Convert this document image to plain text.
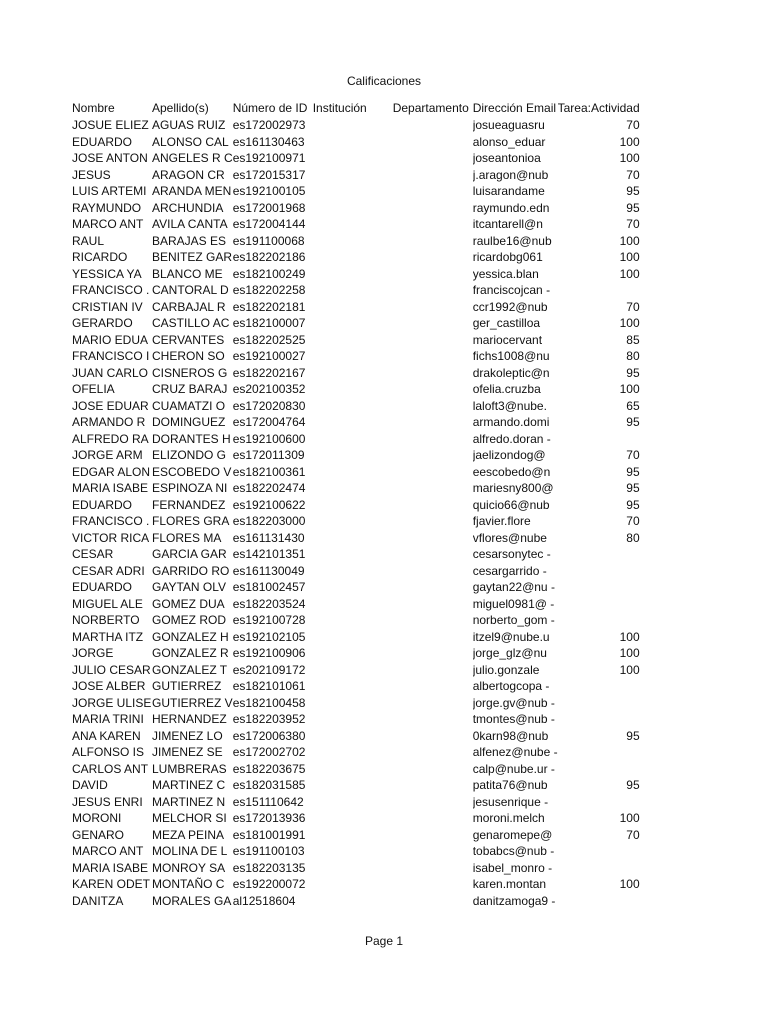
Calificaciones
Nombre	Apellido(s)	Número de ID	Institución	Departamento	Dirección Email	Tarea:Actividad
JOSUE ELIEZ	AGUAS RUIZ	es172002973			josueaguasru	70
EDUARDO	ALONSO CAL	es161130463			alonso_eduar	100
JOSE ANTON	ANGELES R C	es192100971			joseantonioa	100
JESUS	ARAGON CR	es172015317			j.aragon@nub	70
LUIS ARTEMI	ARANDA MEN	es192100105			luisarandame	95
RAYMUNDO	ARCHUNDIA	es172001968			raymundo.edn	95
MARCO ANT	AVILA CANTA	es172004144			itcantarell@n	70
RAUL	BARAJAS ES	es191100068			raulbe16@nub	100
RICARDO	BENITEZ GAR	es182202186			ricardobg061	100
YESSICA YA	BLANCO ME	es182100249			yessica.blan	100
FRANCISCO .	CANTORAL D	es182202258			franciscojcan -	
CRISTIAN IV	CARBAJAL R	es182202181			ccr1992@nub	70
GERARDO	CASTILLO AC	es182100007			ger_castilloa	100
MARIO EDUA	CERVANTES	es182202525			mariocervant	85
FRANCISCO I	CHERON SO	es192100027			fichs1008@nu	80
JUAN CARLO	CISNEROS G	es182202167			drakoleptic@n	95
OFELIA	CRUZ BARAJ	es202100352			ofelia.cruzba	100
JOSE EDUAR	CUAMATZI O	es172020830			laloft3@nube.	65
ARMANDO R	DOMINGUEZ	es172004764			armando.domi	95
ALFREDO RA	DORANTES H	es192100600			alfredo.doran -	
JORGE ARM	ELIZONDO G	es172011309			jaelizondog@	70
EDGAR ALON	ESCOBEDO V	es182100361			eescobedo@n	95
MARIA ISABE	ESPINOZA NI	es182202474			mariesny800@	95
EDUARDO	FERNANDEZ	es192100622			quicio66@nub	95
FRANCISCO .	FLORES GRA	es182203000			fjavier.flore	70
VICTOR RICA	FLORES MA	es161131430			vflores@nube	80
CESAR	GARCIA GAR	es142101351			cesarsonytec -	
CESAR ADRI	GARRIDO RO	es161130049			cesargarrido -	
EDUARDO	GAYTAN OLV	es181002457			gaytan22@nu -	
MIGUEL ALE	GOMEZ DUA	es182203524			miguel0981@ -	
NORBERTO	GOMEZ ROD	es192100728			norberto_gom -	
MARTHA ITZ	GONZALEZ H	es192102105			itzel9@nube.u	100
JORGE	GONZALEZ R	es192100906			jorge_glz@nu	100
JULIO CESAR	GONZALEZ T	es202109172			julio.gonzale	100
JOSE ALBER	GUTIERREZ	es182101061			albertogcopa -	
JORGE ULISE	GUTIERREZ V	es182100458			jorge.gv@nub -	
MARIA TRINI	HERNANDEZ	es182203952			tmontes@nub -	
ANA KAREN	JIMENEZ LO	es172006380			0karn98@nub	95
ALFONSO IS	JIMENEZ SE	es172002702			alfenez@nube -	
CARLOS ANT	LUMBRERAS	es182203675			calp@nube.ur -	
DAVID	MARTINEZ C	es182031585			patita76@nub	95
JESUS ENRI	MARTINEZ N	es151110642			jesusenrique -	
MORONI	MELCHOR SI	es172013936			moroni.melch	100
GENARO	MEZA PEINA	es181001991			genaromepe@	70
MARCO ANT	MOLINA DE L	es191100103			tobabcs@nub -	
MARIA ISABE	MONROY SA	es182203135			isabel_monro -	
KAREN ODET	MONTAÑO C	es192200072			karen.montan	100
DANITZA	MORALES GA	al12518604			danitzamoga9 -	
Page 1
